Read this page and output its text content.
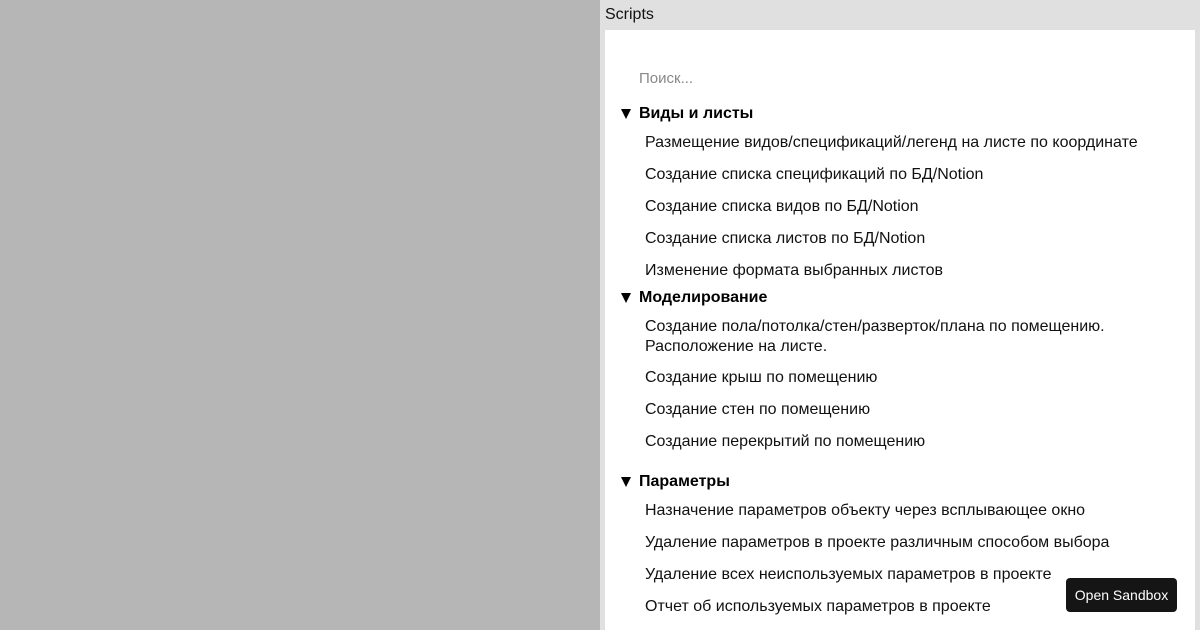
Scripts
Поиск...
Виды и листы
Размещение видов/спецификаций/легенд на листе по координате
Создание списка спецификаций по БД/Notion
Создание списка видов по БД/Notion
Создание списка листов по БД/Notion
Изменение формата выбранных листов
Моделирование
Создание пола/потолка/стен/разверток/плана по помещению. Расположение на листе.
Создание крыш по помещению
Создание стен по помещению
Создание перекрытий по помещению
Параметры
Назначение параметров объекту через всплывающее окно
Удаление параметров в проекте различным способом выбора
Удаление всех неиспользуемых параметров в проекте
Отчет об используемых параметров в проекте
Open Sandbox
